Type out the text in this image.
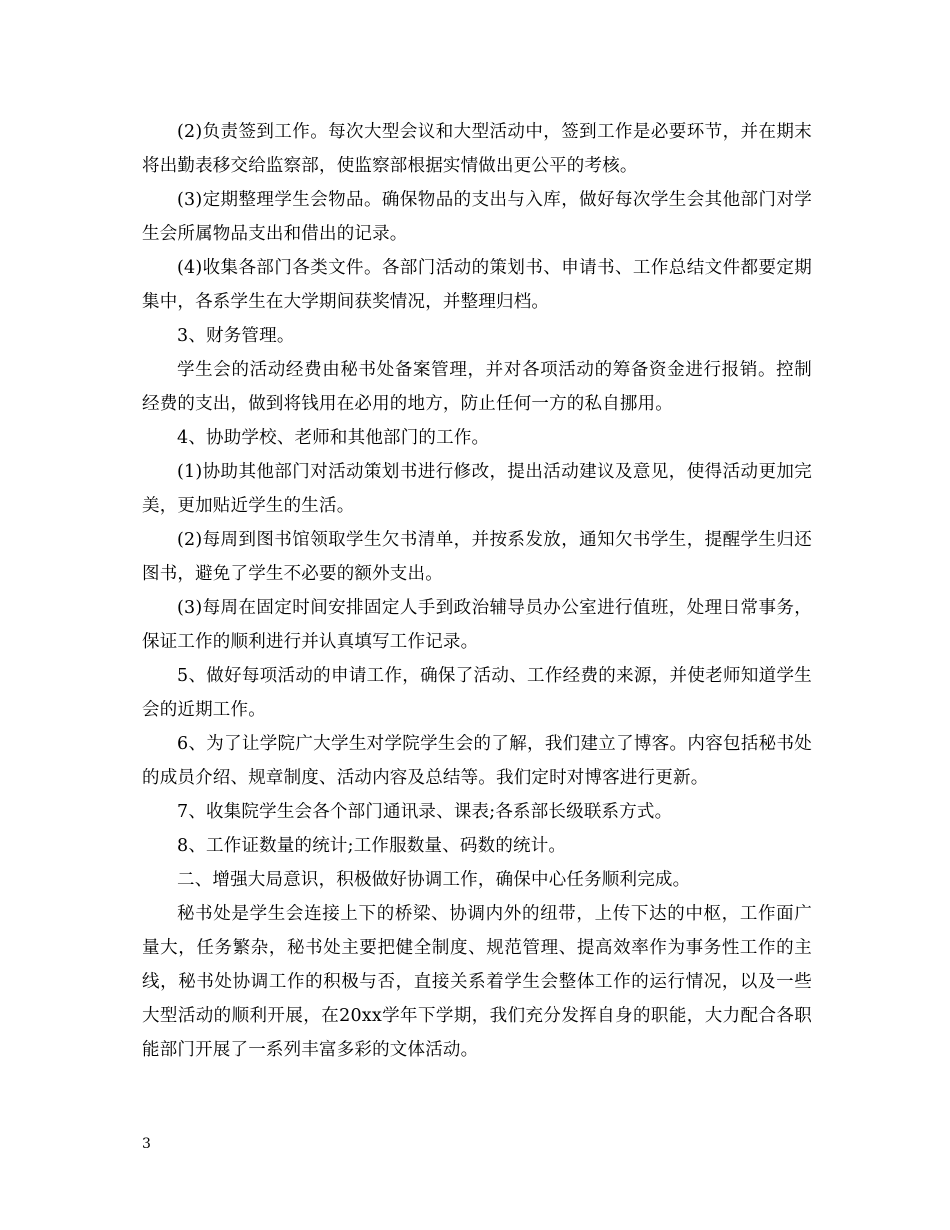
(2)负责签到工作。每次大型会议和大型活动中，签到工作是必要环节，并在期末将出勤表移交给监察部，使监察部根据实情做出更公平的考核。

(3)定期整理学生会物品。确保物品的支出与入库，做好每次学生会其他部门对学生会所属物品支出和借出的记录。

(4)收集各部门各类文件。各部门活动的策划书、申请书、工作总结文件都要定期集中，各系学生在大学期间获奖情况，并整理归档。

3、财务管理。

学生会的活动经费由秘书处备案管理，并对各项活动的筹备资金进行报销。控制经费的支出，做到将钱用在必用的地方，防止任何一方的私自挪用。

4、协助学校、老师和其他部门的工作。

(1)协助其他部门对活动策划书进行修改，提出活动建议及意见，使得活动更加完美，更加贴近学生的生活。

(2)每周到图书馆领取学生欠书清单，并按系发放，通知欠书学生，提醒学生归还图书，避免了学生不必要的额外支出。

(3)每周在固定时间安排固定人手到政治辅导员办公室进行值班，处理日常事务，保证工作的顺利进行并认真填写工作记录。

5、做好每项活动的申请工作，确保了活动、工作经费的来源，并使老师知道学生会的近期工作。

6、为了让学院广大学生对学院学生会的了解，我们建立了博客。内容包括秘书处的成员介绍、规章制度、活动内容及总结等。我们定时对博客进行更新。

7、收集院学生会各个部门通讯录、课表;各系部长级联系方式。

8、工作证数量的统计;工作服数量、码数的统计。

二、增强大局意识，积极做好协调工作，确保中心任务顺利完成。

秘书处是学生会连接上下的桥梁、协调内外的纽带，上传下达的中枢，工作面广量大，任务繁杂，秘书处主要把健全制度、规范管理、提高效率作为事务性工作的主线，秘书处协调工作的积极与否，直接关系着学生会整体工作的运行情况，以及一些大型活动的顺利开展，在20xx学年下学期，我们充分发挥自身的职能，大力配合各职能部门开展了一系列丰富多彩的文体活动。

3
